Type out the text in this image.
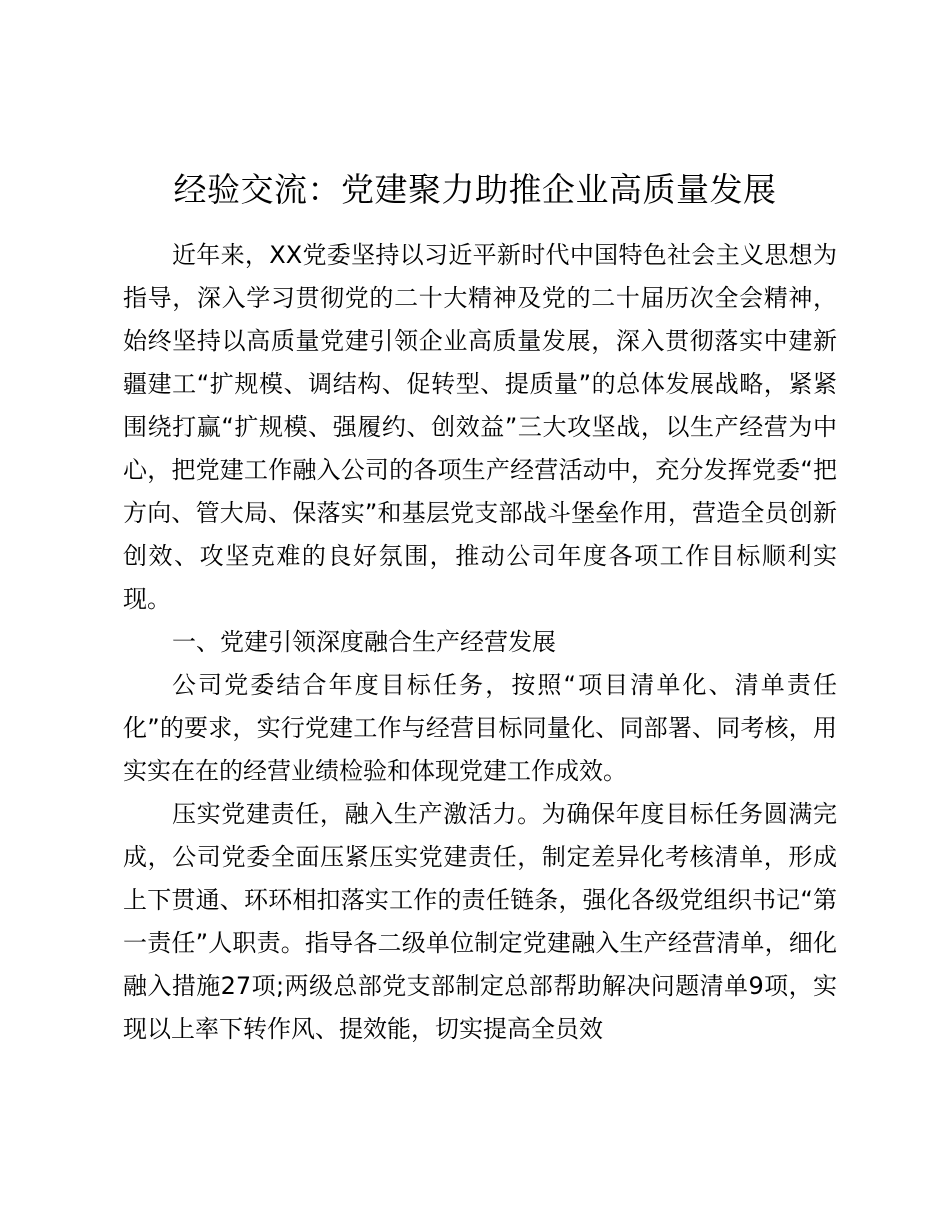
经验交流：党建聚力助推企业高质量发展

近年来，XX党委坚持以习近平新时代中国特色社会主义思想为指导，深入学习贯彻党的二十大精神及党的二十届历次全会精神，始终坚持以高质量党建引领企业高质量发展，深入贯彻落实中建新疆建工“扩规模、调结构、促转型、提质量”的总体发展战略，紧紧围绕打赢“扩规模、强履约、创效益”三大攻坚战，以生产经营为中心，把党建工作融入公司的各项生产经营活动中，充分发挥党委“把方向、管大局、保落实”和基层党支部战斗堡垒作用，营造全员创新创效、攻坚克难的良好氛围，推动公司年度各项工作目标顺利实现。

一、党建引领深度融合生产经营发展

公司党委结合年度目标任务，按照“项目清单化、清单责任化”的要求，实行党建工作与经营目标同量化、同部署、同考核，用实实在在的经营业绩检验和体现党建工作成效。

压实党建责任，融入生产激活力。为确保年度目标任务圆满完成，公司党委全面压紧压实党建责任，制定差异化考核清单，形成上下贯通、环环相扣落实工作的责任链条，强化各级党组织书记“第一责任”人职责。指导各二级单位制定党建融入生产经营清单，细化融入措施27项;两级总部党支部制定总部帮助解决问题清单9项，实现以上率下转作风、提效能，切实提高全员效
